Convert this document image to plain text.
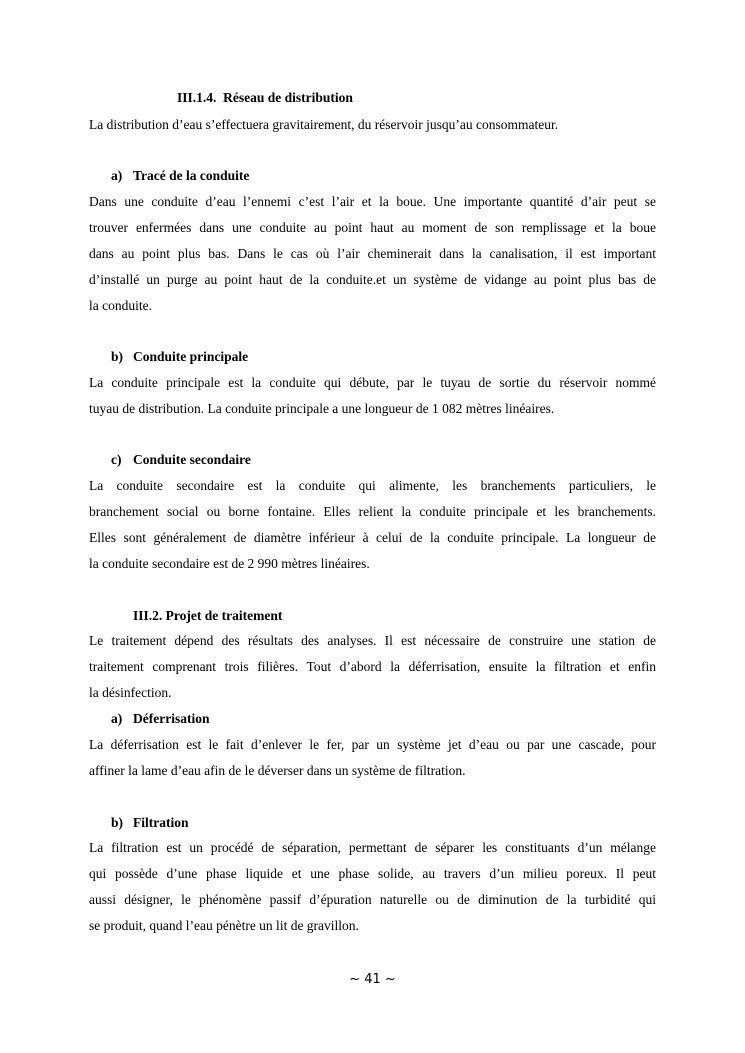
III.1.4. Réseau de distribution
La distribution d’eau s’effectuera gravitairement, du réservoir jusqu’au consommateur.
a) Tracé de la conduite
Dans une conduite d’eau l’ennemi c’est l’air et la boue. Une importante quantité d’air peut se
trouver enfermées dans une conduite au point haut au moment de son remplissage et la boue
dans au point plus bas. Dans le cas où l’air cheminerait dans la canalisation, il est important
d’installé un purge au point haut de la conduite.et un système de vidange au point plus bas de
la conduite.
b) Conduite principale
La conduite principale est la conduite qui débute, par le tuyau de sortie du réservoir nommé
tuyau de distribution. La conduite principale a une longueur de 1 082 mètres linéaires.
c) Conduite secondaire
La conduite secondaire est la conduite qui alimente, les branchements particuliers, le
branchement social ou borne fontaine. Elles relient la conduite principale et les branchements.
Elles sont généralement de diamètre inférieur à celui de la conduite principale. La longueur de
la conduite secondaire est de 2 990 mètres linéaires.
III.2. Projet de traitement
Le traitement dépend des résultats des analyses. Il est nécessaire de construire une station de
traitement comprenant trois filières. Tout d’abord la déferrisation, ensuite la filtration et enfin
la désinfection.
a) Déferrisation
La déferrisation est le fait d’enlever le fer, par un système jet d’eau ou par une cascade, pour
affiner la lame d’eau afin de le déverser dans un système de filtration.
b) Filtration
La filtration est un procédé de séparation, permettant de séparer les constituants d’un mélange
qui possède d’une phase liquide et une phase solide, au travers d’un milieu poreux. Il peut
aussi désigner, le phénomène passif d’épuration naturelle ou de diminution de la turbidité qui
se produit, quand l’eau pénètre un lit de gravillon.
~ 41 ~
